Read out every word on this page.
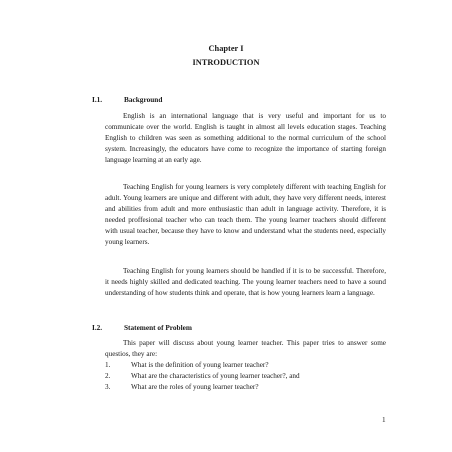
Chapter I
INTRODUCTION
I.1.	Background

English is an international language that is very useful and important for us to communicate over the world. English is taught in almost all levels education stages. Teaching English to children was seen as something additional to the normal curriculum of the school system. Increasingly, the educators have come to recognize the importance of starting foreign language learning at an early age.

Teaching English for young learners is very completely different with teaching English for adult. Young learners are unique and different with adult, they have very different needs, interest and abilities from adult and more enthusiastic than adult in language activity. Therefore, it is needed proffesional teacher who can teach them. The young learner teachers should different with usual teacher, because they have to know and understand what the students need, especially young learners.

Teaching English for young learners should be handled if it is to be successful. Therefore, it needs highly skilled and dedicated teaching. The young learner teachers need to have a sound understanding of how students think and operate, that is how young learners learn a language.

I.2.	Statement of Problem

This paper will discuss about young learner teacher. This paper tries to answer some questios, they are:

1.	What is the definition of young learner teacher?
2.	What are the characteristics of young learner teacher?, and
3.	What are the roles of young learner teacher?
1
